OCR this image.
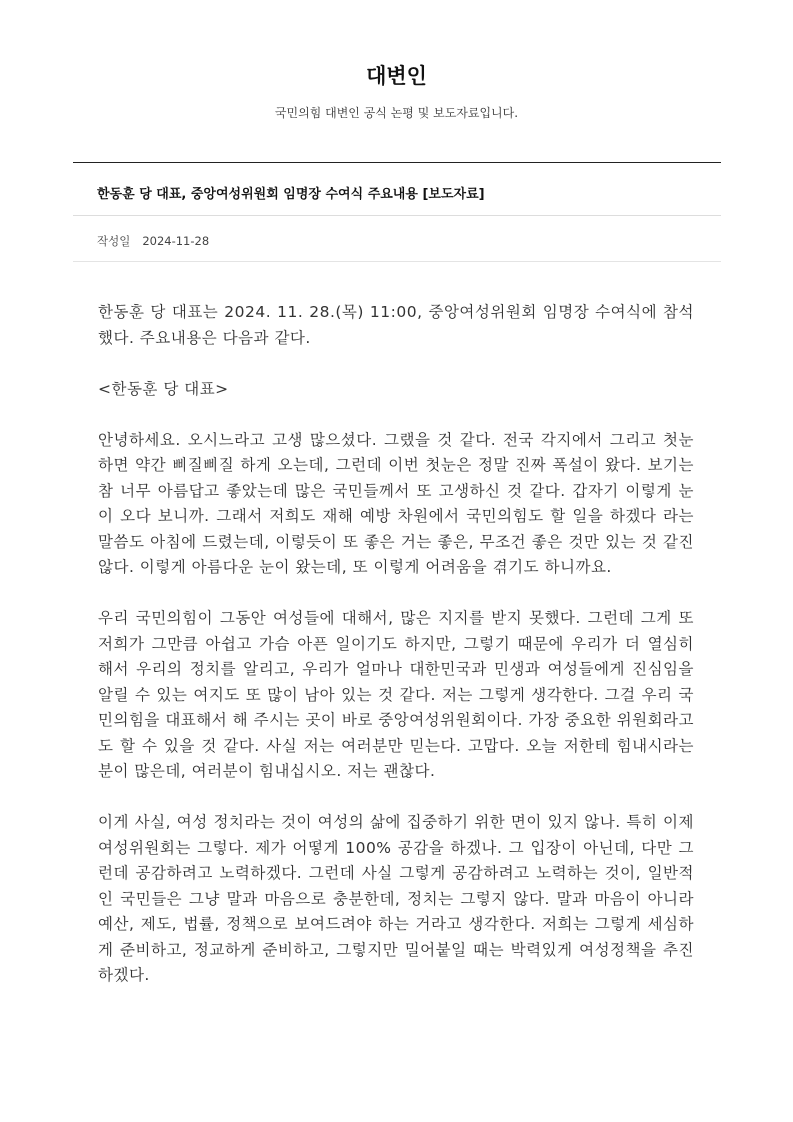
대변인
국민의힘 대변인 공식 논평 및 보도자료입니다.
한동훈 당 대표, 중앙여성위원회 임명장 수여식 주요내용 [보도자료]
작성일 2024-11-28

한동훈 당 대표는 2024. 11. 28.(목) 11:00, 중앙여성위원회 임명장 수여식에 참석했다. 주요내용은 다음과 같다.

<한동훈 당 대표>

안녕하세요. 오시느라고 고생 많으셨다. 그랬을 것 같다. 전국 각지에서 그리고 첫눈 하면 약간 삐질삐질 하게 오는데, 그런데 이번 첫눈은 정말 진짜 폭설이 왔다. 보기는 참 너무 아름답고 좋았는데 많은 국민들께서 또 고생하신 것 같다. 갑자기 이렇게 눈이 오다 보니까. 그래서 저희도 재해 예방 차원에서 국민의힘도 할 일을 하겠다 라는 말씀도 아침에 드렸는데, 이렇듯이 또 좋은 거는 좋은, 무조건 좋은 것만 있는 것 같진 않다. 이렇게 아름다운 눈이 왔는데, 또 이렇게 어려움을 겪기도 하니까요.

우리 국민의힘이 그동안 여성들에 대해서, 많은 지지를 받지 못했다. 그런데 그게 또 저희가 그만큼 아쉽고 가슴 아픈 일이기도 하지만, 그렇기 때문에 우리가 더 열심히 해서 우리의 정치를 알리고, 우리가 얼마나 대한민국과 민생과 여성들에게 진심임을 알릴 수 있는 여지도 또 많이 남아 있는 것 같다. 저는 그렇게 생각한다. 그걸 우리 국민의힘을 대표해서 해 주시는 곳이 바로 중앙여성위원회이다. 가장 중요한 위원회라고도 할 수 있을 것 같다. 사실 저는 여러분만 믿는다. 고맙다. 오늘 저한테 힘내시라는 분이 많은데, 여러분이 힘내십시오. 저는 괜찮다.

이게 사실, 여성 정치라는 것이 여성의 삶에 집중하기 위한 면이 있지 않나. 특히 이제 여성위원회는 그렇다. 제가 어떻게 100% 공감을 하겠나. 그 입장이 아닌데, 다만 그런데 공감하려고 노력하겠다. 그런데 사실 그렇게 공감하려고 노력하는 것이, 일반적인 국민들은 그냥 말과 마음으로 충분한데, 정치는 그렇지 않다. 말과 마음이 아니라 예산, 제도, 법률, 정책으로 보여드려야 하는 거라고 생각한다. 저희는 그렇게 세심하게 준비하고, 정교하게 준비하고, 그렇지만 밀어붙일 때는 박력있게 여성정책을 추진하겠다.
